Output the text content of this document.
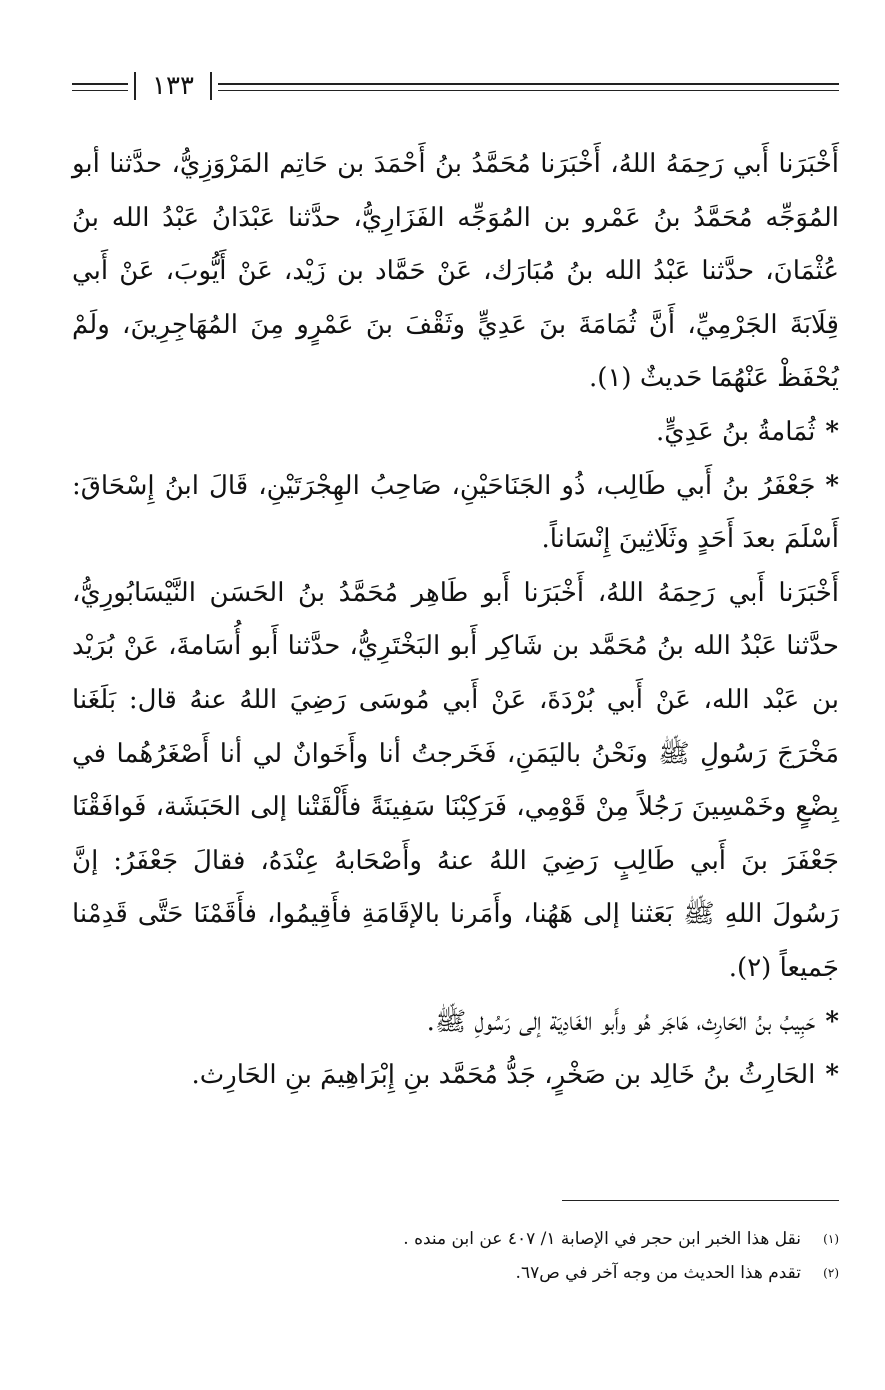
١٣٣

أَخْبَرَنا أَبي رَحِمَهُ اللهُ، أَخْبَرَنا مُحَمَّدُ بنُ أَحْمَدَ بن حَاتِم المَرْوَزِيُّ، حدَّثنا أبو المُوَجِّه مُحَمَّدُ بنُ عَمْرو بن المُوَجِّه الفَزَارِيُّ، حدَّثنا عَبْدَانُ عَبْدُ الله بنُ عُثْمَانَ، حدَّثنا عَبْدُ الله بنُ مُبَارَك، عَنْ حَمَّاد بن زَيْد، عَنْ أَيُّوبَ، عَنْ أَبي قِلَابَةَ الجَرْمِيِّ، أَنَّ ثُمَامَةَ بنَ عَدِيٍّ وثَقْفَ بنَ عَمْرٍو مِنَ المُهَاجِرِينَ، ولَمْ يُحْفَظْ عَنْهُمَا حَديثٌ (١).

*ثُمَامةُ بنُ عَدِيٍّ.

*جَعْفَرُ بنُ أَبي طَالِب، ذُو الجَنَاحَيْنِ، صَاحِبُ الهِجْرَتَيْنِ، قَالَ ابنُ إِسْحَاقَ: أَسْلَمَ بعدَ أَحَدٍ وثَلَاثِينَ إِنْسَاناً.

أَخْبَرَنا أَبي رَحِمَهُ اللهُ، أَخْبَرَنا أَبو طَاهِر مُحَمَّدُ بنُ الحَسَن النَّيْسَابُورِيُّ، حدَّثنا عَبْدُ الله بنُ مُحَمَّد بن شَاكِر أَبو البَخْتَرِيُّ، حدَّثنا أَبو أُسَامةَ، عَنْ بُرَيْد بن عَبْد الله، عَنْ أَبي بُرْدَةَ، عَنْ أَبي مُوسَى رَضِيَ اللهُ عنهُ قال: بَلَغَنا مَخْرَجَ رَسُولِ ﷺ ونَحْنُ باليَمَنِ، فَخَرجتُ أنا وأَخَوانٌ لي أنا أَصْغَرُهُما في بِضْعٍ وخَمْسِينَ رَجُلاً مِنْ قَوْمِي، فَرَكِبْنَا سَفِينَةً فأَلْقَتْنا إلى الحَبَشَة، فَوافَقْنَا جَعْفَرَ بنَ أَبي طَالِبٍ رَضِيَ اللهُ عنهُ وأَصْحَابهُ عِنْدَهُ، فقالَ جَعْفَرُ: إنَّ رَسُولَ اللهِ ﷺ بَعَثنا إلى هَهُنا، وأَمَرنا بالإقَامَةِ فأَقِيمُوا، فأَقَمْنَا حَتَّى قَدِمْنا جَميعاً (٢).

*حَبِيبُ بنُ الحَارِث، هَاجَر هُو وأَبو الغَادِيَة إلى رَسُولِ ﷺ.

*الحَارِثُ بنُ خَالِد بن صَخْرٍ، جَدُّ مُحَمَّد بنِ إِبْرَاهِيمَ بنِ الحَارِث.

(١)نقل هذا الخبر ابن حجر في الإصابة ١/ ٤٠٧ عن ابن منده .

(٢)تقدم هذا الحديث من وجه آخر في ص٦٧.
